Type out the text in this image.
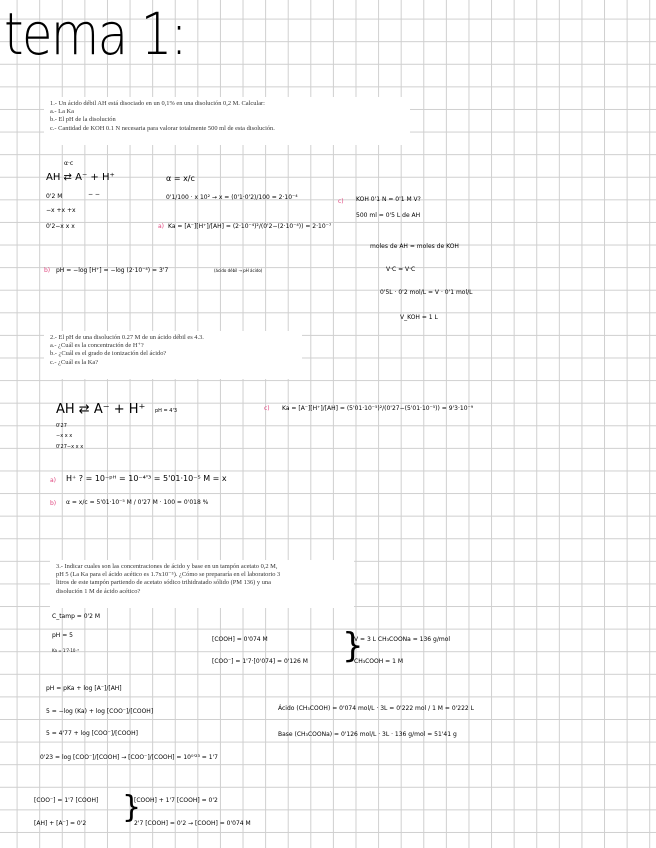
tema 1:
1.- Un ácido débil AH está disociado en un 0,1% en una disolución 0,2 M. Calcular:
a.- La Ka
b.- El pH de la disolución
c.- Cantidad de KOH 0.1 N necesaria para valorar totalmente 500 ml de esta disolución.
α·c
AH ⇄ A⁻ + H⁺
0'2 M	− −
−x +x +x
0'2−x x x
α = x/c
0'1/100 · x 10² → x = (0'1·0'2)/100 = 2·10⁻⁴
a) Ka = [A⁻][H⁺]/[AH] = (2·10⁻⁴)²/(0'2−(2·10⁻⁴)) = 2·10⁻⁷
b) pH = −log [H⁺] = −log (2·10⁻⁴) = 3'7	(ácido débil → pH ácido)
c) KOH 0'1 N = 0'1 M V?
500 ml = 0'5 L de AH
moles de AH = moles de KOH
V·C = V·C
0'5L · 0'2 mol/L = V · 0'1 mol/L
V_KOH = 1 L
2.- El pH de una disolución 0.27 M de un ácido débil es 4.3.
a.- ¿Cuál es la concentración de H⁺?
b.- ¿Cuál es el grado de ionización del ácido?
c.- ¿Cuál es la Ka?
AH ⇄ A⁻ + H⁺ pH = 4'3
0'27
−x x x
0'27−x x x
c) Ka = [A⁻][H⁺]/[AH] = (5'01·10⁻⁵)²/(0'27−(5'01·10⁻⁵)) = 9'3·10⁻⁹
a) H⁺ ? = 10⁻ᵖᴴ = 10⁻⁴'³ = 5'01·10⁻⁵ M = x
b) α = x/c = 5'01·10⁻⁵ M / 0'27 M · 100 = 0'018 %
3.- Indicar cuales son las concentraciones de ácido y base en un tampón acetato 0,2 M,
pH 5 (La Ka para el ácido acético es 1.7x10⁻⁵). ¿Cómo se prepararía en el laboratorio 3
litros de este tampón partiendo de acetato sódico trihidratado sólido (PM 136) y una
disolución 1 M de ácido acético?
C_tamp = 0'2 M
pH = 5
Ka = 1'7·10⁻⁵
[COOH] = 0'074 M
[COO⁻] = 1'7·[0'074] = 0'126 M }
V = 3 L CH₃COONa = 136 g/mol
CH₃COOH = 1 M
pH = pKa + log [A⁻]/[AH]
5 = −log (Ka) + log [COO⁻]/[COOH]
5 = 4'77 + log [COO⁻]/[COOH]
0'23 = log [COO⁻]/[COOH] → [COO⁻]/[COOH] = 10⁰'²³ = 1'7
Ácido (CH₃COOH) = 0'074 mol/L · 3L = 0'222 mol / 1 M = 0'222 L
Base (CH₃COONa) = 0'126 mol/L · 3L · 136 g/mol = 51'41 g
[COO⁻] = 1'7 [COOH]
[AH] + [A⁻] = 0'2 }
[COOH] + 1'7 [COOH] = 0'2
2'7 [COOH] = 0'2 → [COOH] = 0'074 M
